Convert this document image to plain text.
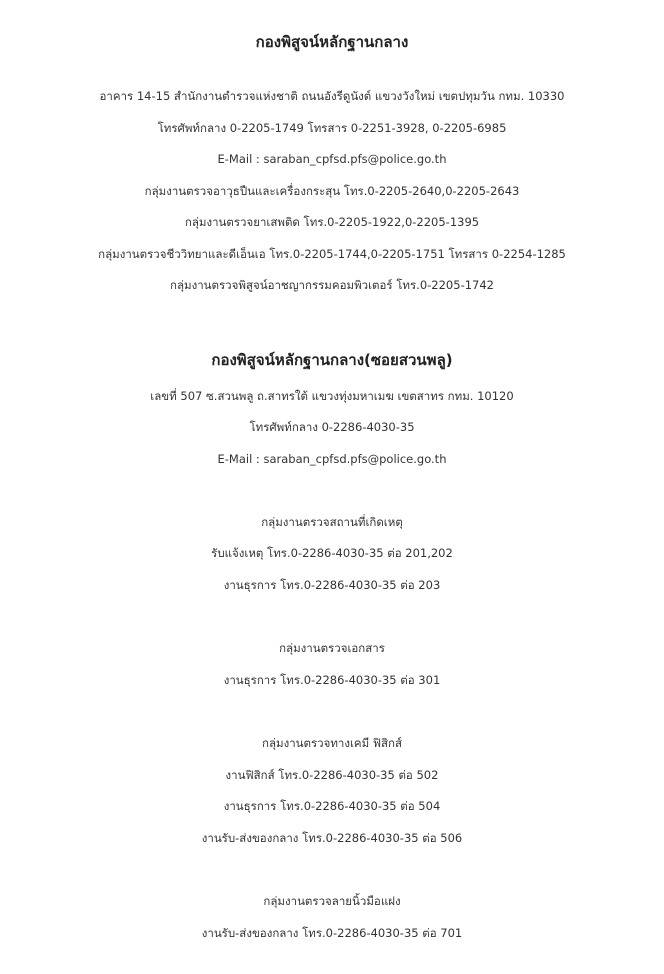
กองพิสูจน์หลักฐานกลาง
อาคาร 14-15 สำนักงานตำรวจแห่งชาติ ถนนอังรีดูนังต์ แขวงวังใหม่ เขตปทุมวัน กทม. 10330
โทรศัพท์กลาง 0-2205-1749 โทรสาร 0-2251-3928, 0-2205-6985
E-Mail : saraban_cpfsd.pfs@police.go.th
กลุ่มงานตรวจอาวุธปืนและเครื่องกระสุน โทร.0-2205-2640,0-2205-2643
กลุ่มงานตรวจยาเสพติด โทร.0-2205-1922,0-2205-1395
กลุ่มงานตรวจชีววิทยาและดีเอ็นเอ โทร.0-2205-1744,0-2205-1751 โทรสาร 0-2254-1285
กลุ่มงานตรวจพิสูจน์อาชญากรรมคอมพิวเตอร์ โทร.0-2205-1742
กองพิสูจน์หลักฐานกลาง(ซอยสวนพลู)
เลขที่ 507 ซ.สวนพลู ถ.สาทรใต้ แขวงทุ่งมหาเมฆ เขตสาทร กทม. 10120
โทรศัพท์กลาง 0-2286-4030-35
E-Mail : saraban_cpfsd.pfs@police.go.th
กลุ่มงานตรวจสถานที่เกิดเหตุ
รับแจ้งเหตุ โทร.0-2286-4030-35 ต่อ 201,202
งานธุรการ โทร.0-2286-4030-35 ต่อ 203
กลุ่มงานตรวจเอกสาร
งานธุรการ โทร.0-2286-4030-35 ต่อ 301
กลุ่มงานตรวจทางเคมี ฟิสิกส์
งานฟิสิกส์ โทร.0-2286-4030-35 ต่อ 502
งานธุรการ โทร.0-2286-4030-35 ต่อ 504
งานรับ-ส่งของกลาง โทร.0-2286-4030-35 ต่อ 506
กลุ่มงานตรวจลายนิ้วมือแฝง
งานรับ-ส่งของกลาง โทร.0-2286-4030-35 ต่อ 701
